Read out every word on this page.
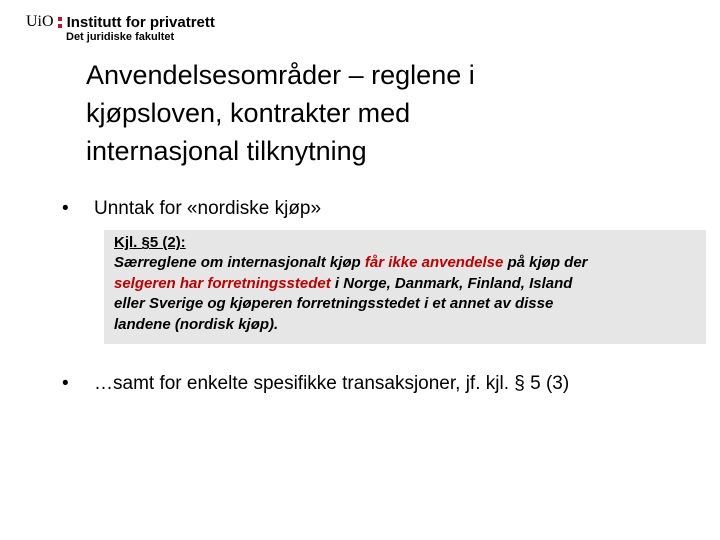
UiO Institutt for privatrett
Det juridiske fakultet
Anvendelsesområder – reglene i
kjøpsloven, kontrakter med
internasjonal tilknytning
•	Unntak for «nordiske kjøp»
Kjl. §5 (2):
Særreglene om internasjonalt kjøp får ikke anvendelse på kjøp der
selgeren har forretningsstedet i Norge, Danmark, Finland, Island
eller Sverige og kjøperen forretningsstedet i et annet av disse
landene (nordisk kjøp).
•	…samt for enkelte spesifikke transaksjoner, jf. kjl. § 5 (3)
